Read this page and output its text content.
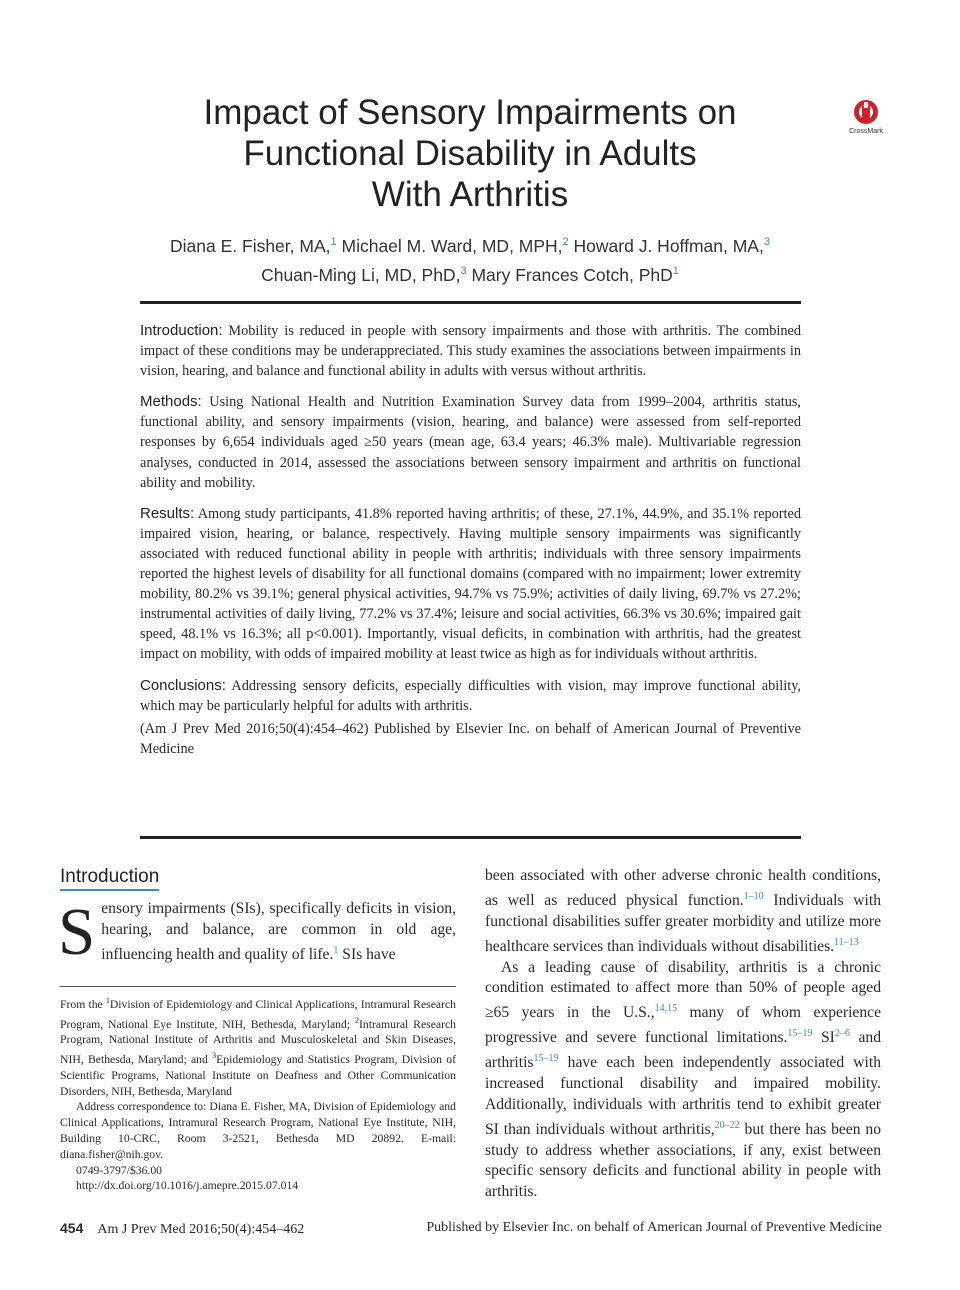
Impact of Sensory Impairments on
Functional Disability in Adults
With Arthritis
CrossMark
Diana E. Fisher, MA,$^1$ Michael M. Ward, MD, MPH,$^2$ Howard J. Hoffman, MA,$^3$
Chuan-Ming Li, MD, PhD,$^3$ Mary Frances Cotch, PhD$^1$

Introduction: Mobility is reduced in people with sensory impairments and those with arthritis. The combined impact of these conditions may be underappreciated. This study examines the associations between impairments in vision, hearing, and balance and functional ability in adults with versus without arthritis.

Methods: Using National Health and Nutrition Examination Survey data from 1999–2004, arthritis status, functional ability, and sensory impairments (vision, hearing, and balance) were assessed from self-reported responses by 6,654 individuals aged ≥50 years (mean age, 63.4 years; 46.3% male). Multivariable regression analyses, conducted in 2014, assessed the associations between sensory impairment and arthritis on functional ability and mobility.

Results: Among study participants, 41.8% reported having arthritis; of these, 27.1%, 44.9%, and 35.1% reported impaired vision, hearing, or balance, respectively. Having multiple sensory impairments was significantly associated with reduced functional ability in people with arthritis; individuals with three sensory impairments reported the highest levels of disability for all functional domains (compared with no impairment; lower extremity mobility, 80.2% vs 39.1%; general physical activities, 94.7% vs 75.9%; activities of daily living, 69.7% vs 27.2%; instrumental activities of daily living, 77.2% vs 37.4%; leisure and social activities, 66.3% vs 30.6%; impaired gait speed, 48.1% vs 16.3%; all p<0.001). Importantly, visual deficits, in combination with arthritis, had the greatest impact on mobility, with odds of impaired mobility at least twice as high as for individuals without arthritis.

Conclusions: Addressing sensory deficits, especially difficulties with vision, may improve functional ability, which may be particularly helpful for adults with arthritis.

(Am J Prev Med 2016;50(4):454–462) Published by Elsevier Inc. on behalf of American Journal of Preventive Medicine

Introduction
Sensory impairments (SIs), specifically deficits in vision, hearing, and balance, are common in old age, influencing health and quality of life.$^1$ SIs have

From the $^1$Division of Epidemiology and Clinical Applications, Intramural Research Program, National Eye Institute, NIH, Bethesda, Maryland; $^2$Intramural Research Program, National Institute of Arthritis and Musculoskeletal and Skin Diseases, NIH, Bethesda, Maryland; and $^3$Epidemiology and Statistics Program, Division of Scientific Programs, National Institute on Deafness and Other Communication Disorders, NIH, Bethesda, Maryland

Address correspondence to: Diana E. Fisher, MA, Division of Epidemiology and Clinical Applications, Intramural Research Program, National Eye Institute, NIH, Building 10-CRC, Room 3-2521, Bethesda MD 20892. E-mail: diana.fisher@nih.gov.

0749-3797/$36.00

http://dx.doi.org/10.1016/j.amepre.2015.07.014

been associated with other adverse chronic health conditions, as well as reduced physical function.$^{1-10}$ Individuals with functional disabilities suffer greater morbidity and utilize more healthcare services than individuals without disabilities.$^{11-13}$

As a leading cause of disability, arthritis is a chronic condition estimated to affect more than 50% of people aged ≥65 years in the U.S.,$^{14,15}$ many of whom experience progressive and severe functional limitations.$^{15-19}$ SI$^{2-6}$ and arthritis$^{15-19}$ have each been independently associated with increased functional disability and impaired mobility. Additionally, individuals with arthritis tend to exhibit greater SI than individuals without arthritis,$^{20-22}$ but there has been no study to address whether associations, if any, exist between specific sensory deficits and functional ability in people with arthritis.

454 Am J Prev Med 2016;50(4):454–462	Published by Elsevier Inc. on behalf of American Journal of Preventive Medicine
